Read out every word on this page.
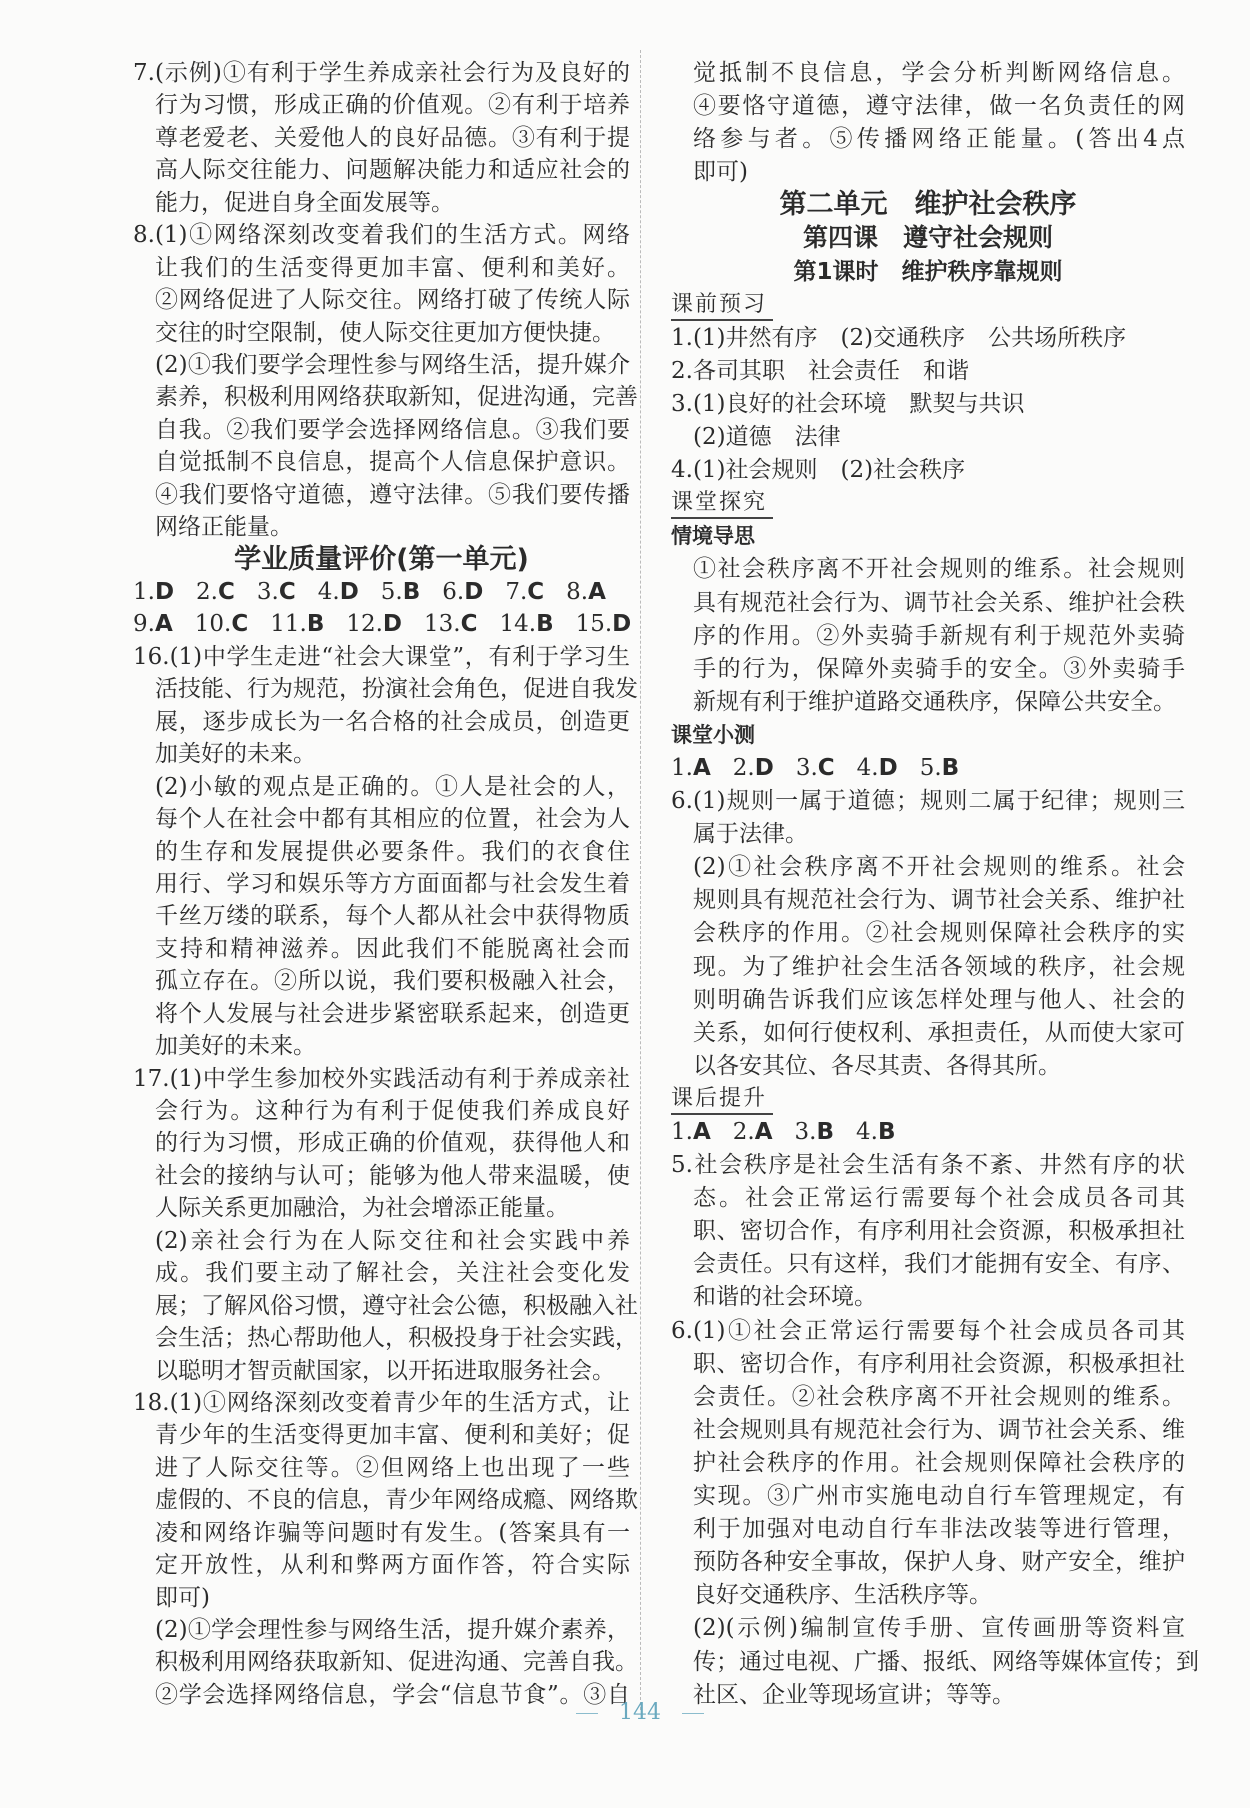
7.(示例)①有利于学生养成亲社会行为及良好的
行为习惯，形成正确的价值观。②有利于培养
尊老爱老、关爱他人的良好品德。③有利于提
高人际交往能力、问题解决能力和适应社会的
能力，促进自身全面发展等。
8.(1)①网络深刻改变着我们的生活方式。网络
让我们的生活变得更加丰富、便利和美好。
②网络促进了人际交往。网络打破了传统人际
交往的时空限制，使人际交往更加方便快捷。
(2)①我们要学会理性参与网络生活，提升媒介
素养，积极利用网络获取新知，促进沟通，完善
自我。②我们要学会选择网络信息。③我们要
自觉抵制不良信息，提高个人信息保护意识。
④我们要恪守道德，遵守法律。⑤我们要传播
网络正能量。
学业质量评价(第一单元)
1.D 2.C 3.C 4.D 5.B 6.D 7.C 8.A
9.A 10.C 11.B 12.D 13.C 14.B 15.D
16.(1)中学生走进“社会大课堂”，有利于学习生
活技能、行为规范，扮演社会角色，促进自我发
展，逐步成长为一名合格的社会成员，创造更
加美好的未来。
(2)小敏的观点是正确的。①人是社会的人，
每个人在社会中都有其相应的位置，社会为人
的生存和发展提供必要条件。我们的衣食住
用行、学习和娱乐等方方面面都与社会发生着
千丝万缕的联系，每个人都从社会中获得物质
支持和精神滋养。因此我们不能脱离社会而
孤立存在。②所以说，我们要积极融入社会，
将个人发展与社会进步紧密联系起来，创造更
加美好的未来。
17.(1)中学生参加校外实践活动有利于养成亲社
会行为。这种行为有利于促使我们养成良好
的行为习惯，形成正确的价值观，获得他人和
社会的接纳与认可；能够为他人带来温暖，使
人际关系更加融洽，为社会增添正能量。
(2)亲社会行为在人际交往和社会实践中养
成。我们要主动了解社会，关注社会变化发
展；了解风俗习惯，遵守社会公德，积极融入社
会生活；热心帮助他人，积极投身于社会实践，
以聪明才智贡献国家，以开拓进取服务社会。
18.(1)①网络深刻改变着青少年的生活方式，让
青少年的生活变得更加丰富、便利和美好；促
进了人际交往等。②但网络上也出现了一些
虚假的、不良的信息，青少年网络成瘾、网络欺
凌和网络诈骗等问题时有发生。(答案具有一
定开放性，从利和弊两方面作答，符合实际
即可)
(2)①学会理性参与网络生活，提升媒介素养，
积极利用网络获取新知、促进沟通、完善自我。
②学会选择网络信息，学会“信息节食”。③自
觉抵制不良信息，学会分析判断网络信息。
④要恪守道德，遵守法律，做一名负责任的网
络参与者。⑤传播网络正能量。(答出4点
即可)
第二单元　维护社会秩序
第四课　遵守社会规则
第1课时　维护秩序靠规则
课前预习
1.(1)井然有序　(2)交通秩序　公共场所秩序
2.各司其职　社会责任　和谐
3.(1)良好的社会环境　默契与共识
(2)道德　法律
4.(1)社会规则　(2)社会秩序
课堂探究
情境导思
①社会秩序离不开社会规则的维系。社会规则
具有规范社会行为、调节社会关系、维护社会秩
序的作用。②外卖骑手新规有利于规范外卖骑
手的行为，保障外卖骑手的安全。③外卖骑手
新规有利于维护道路交通秩序，保障公共安全。
课堂小测
1.A 2.D 3.C 4.D 5.B
6.(1)规则一属于道德；规则二属于纪律；规则三
属于法律。
(2)①社会秩序离不开社会规则的维系。社会
规则具有规范社会行为、调节社会关系、维护社
会秩序的作用。②社会规则保障社会秩序的实
现。为了维护社会生活各领域的秩序，社会规
则明确告诉我们应该怎样处理与他人、社会的
关系，如何行使权利、承担责任，从而使大家可
以各安其位、各尽其责、各得其所。
课后提升
1.A 2.A 3.B 4.B
5.社会秩序是社会生活有条不紊、井然有序的状
态。社会正常运行需要每个社会成员各司其
职、密切合作，有序利用社会资源，积极承担社
会责任。只有这样，我们才能拥有安全、有序、
和谐的社会环境。
6.(1)①社会正常运行需要每个社会成员各司其
职、密切合作，有序利用社会资源，积极承担社
会责任。②社会秩序离不开社会规则的维系。
社会规则具有规范社会行为、调节社会关系、维
护社会秩序的作用。社会规则保障社会秩序的
实现。③广州市实施电动自行车管理规定，有
利于加强对电动自行车非法改装等进行管理，
预防各种安全事故，保护人身、财产安全，维护
良好交通秩序、生活秩序等。
(2)(示例)编制宣传手册、宣传画册等资料宣
传；通过电视、广播、报纸、网络等媒体宣传；到
社区、企业等现场宣讲；等等。
144
